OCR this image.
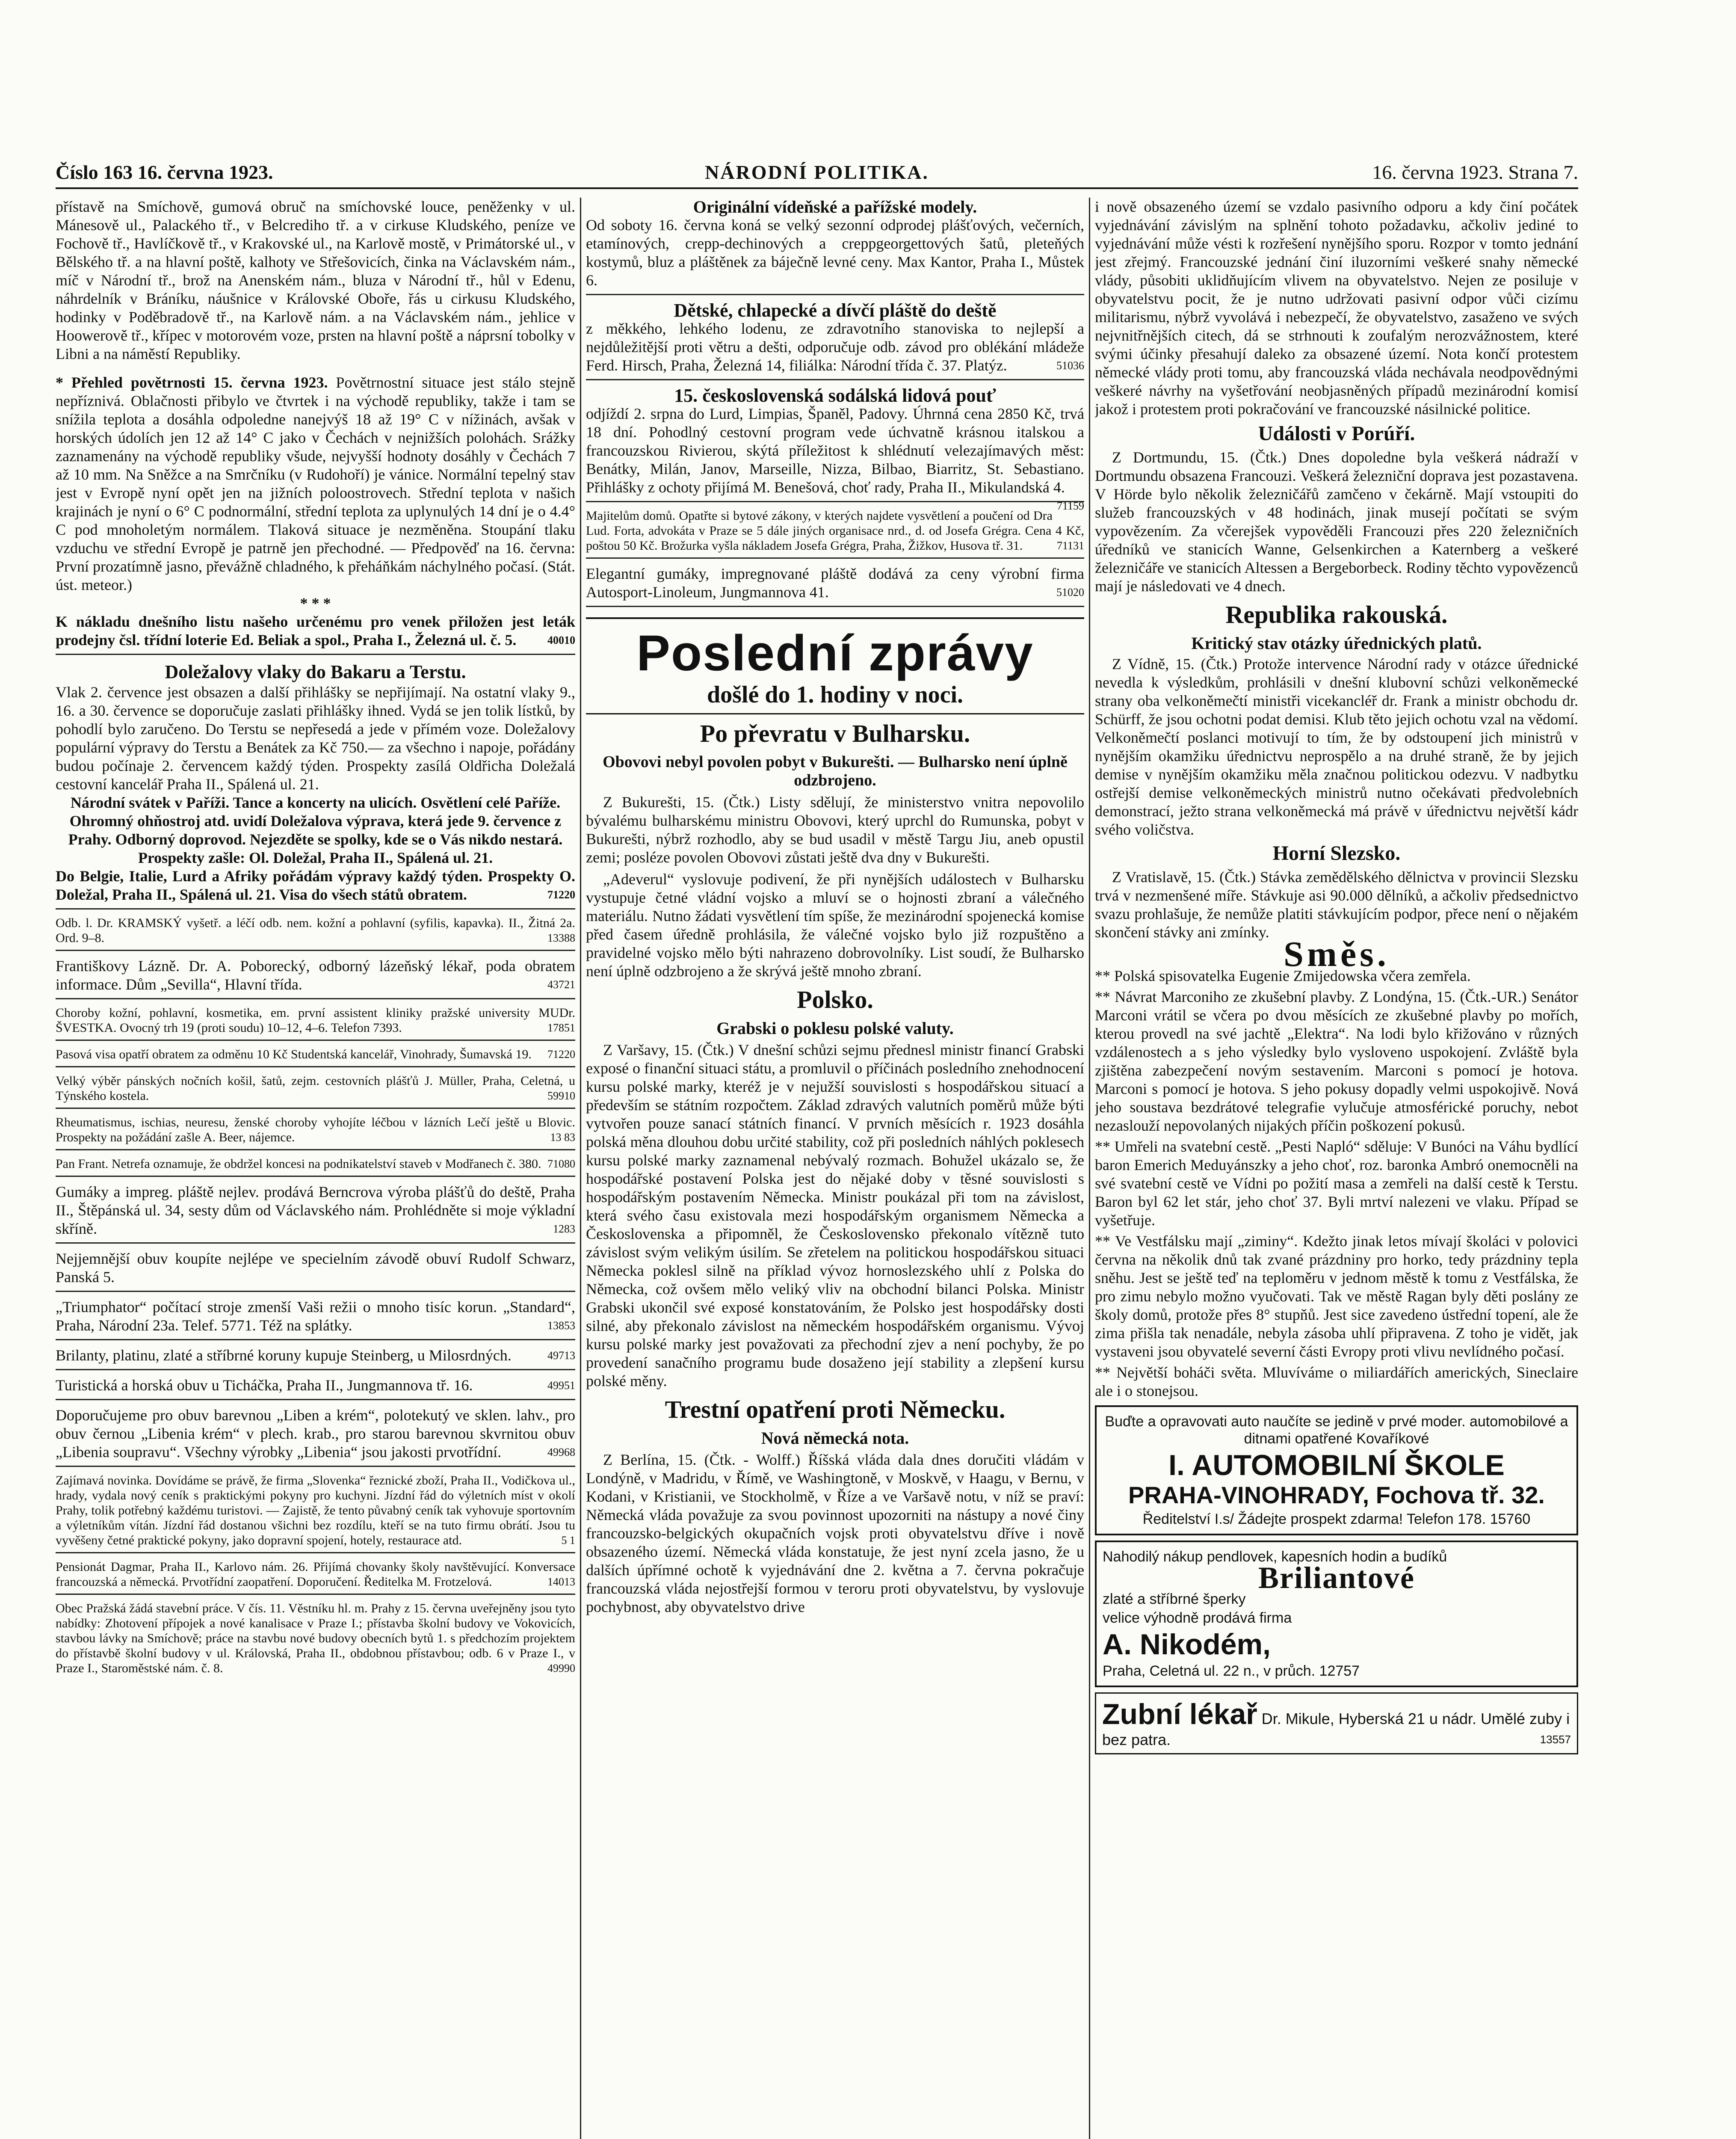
Číslo 163 16. června 1923.	NÁRODNÍ POLITIKA.	16. června 1923. Strana 7.
přístavě na Smíchově, gumová obruč na smíchovské louce, peněženky v ul. Mánesově ul., Palackého tř., v Belcrediho tř. a v cirkuse Kludského, peníze ve Fochově tř., Havlíčkově tř., v Krakovské ul., na Karlově mostě, v Primátorské ul., v Bělského tř. a na hlavní poště, kalhoty ve Střešovicích, činka na Václavském nám., míč v Národní tř., brož na Anenském nám., bluza v Národní tř., hůl v Edenu, náhrdelník v Bráníku, náušnice v Královské Oboře, řás u cirkusu Kludského, hodinky v Poděbradově tř., na Karlově nám. a na Václavském nám., jehlice v Hoowerově tř., křípec v motorovém voze, prsten na hlavní poště a náprsní tobolky v Libni a na náměstí Republiky.
* Přehled povětrnosti 15. června 1923. Povětrnostní situace jest stálo stejně nepříznivá. Oblačnosti přibylo ve čtvrtek i na východě republiky, takže i tam se snížila teplota a dosáhla odpoledne nanejvýš 18 až 19° C v nížinách, avšak v horských údolích jen 12 až 14° C jako v Čechách v nejnižších polohách. Srážky zaznamenány na východě republiky všude, nejvyšší hodnoty dosáhly v Čechách 7 až 10 mm. Na Sněžce a na Smrčníku (v Rudohoří) je vánice. Normální tepelný stav jest v Evropě nyní opět jen na jižních poloostrovech. Střední teplota v našich krajinách je nyní o 6° C podnormální, střední teplota za uplynulých 14 dní je o 4.4° C pod mnoholetým normálem. Tlaková situace je nezměněna. Stoupání tlaku vzduchu ve střední Evropě je patrně jen přechodné. — Předpověď na 16. června: První prozatímně jasno, převážně chladného, k přeháňkám náchylného počasí. (Stát. úst. meteor.)
* * *
K nákladu dnešního listu našeho určenému pro venek přiložen jest leták prodejny čsl. třídní loterie Ed. Beliak a spol., Praha I., Železná ul. č. 5.	40010
Doležalovy vlaky do Bakaru a Terstu.
Vlak 2. července jest obsazen a další přihlášky se nepřijímají. Na ostatní vlaky 9., 16. a 30. července se doporučuje zaslati přihlášky ihned. Vydá se jen tolik lístků, by pohodlí bylo zaručeno. Do Terstu se nepřesedá a jede v přímém voze. Doležalovy populární výpravy do Terstu a Benátek za Kč 750.— za všechno i napoje, pořádány budou počínaje 2. červencem každý týden. Prospekty zasílá Oldřicha Doležalá cestovní kancelář Praha II., Spálená ul. 21.
Národní svátek v Paříži. Tance a koncerty na ulicích. Osvětlení celé Paříže. Ohromný ohňostroj atd. uvidí Doležalova výprava, která jede 9. července z Prahy. Odborný doprovod. Nejezděte se spolky, kde se o Vás nikdo nestará. Prospekty zašle: Ol. Doležal, Praha II., Spálená ul. 21.
Do Belgie, Italie, Lurd a Afriky pořádám výpravy každý týden. Prospekty O. Doležal, Praha II., Spálená ul. 21. Visa do všech států obratem.	71220
Odb. l. Dr. KRAMSKÝ vyšetř. a léčí odb. nem. kožní a pohlavní (syfilis, kapavka). II., Žitná 2a. Ord. 9–8.	13388
Františkovy Lázně. Dr. A. Poborecký, odborný lázeňský lékař, poda obratem informace. Dům „Sevilla“, Hlavní třída.	43721
Choroby kožní, pohlavní, kosmetika, em. první assistent kliniky pražské university MUDr. ŠVESTKA. Ovocný trh 19 (proti soudu) 10–12, 4–6. Telefon 7393.	17851
Pasová visa opatří obratem za odměnu 10 Kč Studentská kancelář, Vinohrady, Šumavská 19.	71220
Velký výběr pánských nočních košil, šatů, zejm. cestovních plášťů J. Müller, Praha, Celetná, u Týnského kostela.	59910
Rheumatismus, ischias, neuresu, ženské choroby vyhojíte léčbou v lázních Lečí ještě u Blovic. Prospekty na požádání zašle A. Beer, nájemce.	13 83
Pan Frant. Netrefa oznamuje, že obdržel koncesi na podnikatelství staveb v Modřanech č. 380. 71080
Gumáky a impreg. pláště nejlev. prodává Berncrova výroba plášťů do deště, Praha II., Štěpánská ul. 34, sesty dům od Václavského nám. Prohlédněte si moje výkladní skříně.	1283
Nejjemnější obuv koupíte nejlépe ve specielním závodě obuví Rudolf Schwarz, Panská 5.
„Triumphator“ počítací stroje zmenší Vaši režii o mnoho tisíc korun. „Standard“, Praha, Národní 23a. Telef. 5771. Též na splátky.	13853
Brilanty, platinu, zlaté a stříbrné koruny kupuje Steinberg, u Milosrdných.	49713
Turistická a horská obuv u Ticháčka, Praha II., Jungmannova tř. 16.	49951
Doporučujeme pro obuv barevnou „Liben a krém“, polotekutý ve sklen. lahv., pro obuv černou „Libenia krém“ v plech. krab., pro starou barevnou skvrnitou obuv „Libenia soupravu“. Všechny výrobky „Libenia“ jsou jakosti prvotřídní.	49968
Zajímavá novinka. Dovídáme se právě, že firma „Slovenka“ řeznické zboží, Praha II., Vodičkova ul., hrady, vydala nový ceník s praktickými pokyny pro kuchyni. Jízdní řád do výletních míst v okolí Prahy, tolik potřebný každému turistovi. — Zajistě, že tento půvabný ceník tak vyhovuje sportovním a výletníkům vítán. Jízdní řád dostanou všichni bez rozdílu, kteří se na tuto firmu obrátí. Jsou tu vyvěšeny četné praktické pokyny, jako dopravní spojení, hotely, restaurace atd.	5 1
Pensionát Dagmar, Praha II., Karlovo nám. 26. Přijímá chovanky školy navštěvující. Konversace francouzská a německá. Prvotřídní zaopatření. Doporučení. Ředitelka M. Frotzelová.	14013
Obec Pražská žádá stavební práce. V čís. 11. Věstníku hl. m. Prahy z 15. června uveřejněny jsou tyto nabídky: Zhotovení přípojek a nové kanalisace v Praze I.; přístavba školní budovy ve Vokovicích, stavbou lávky na Smíchově; práce na stavbu nové budovy obecních bytů 1. s předchozím projektem do přístavbě školní budovy v ul. Královská, Praha II., obdobnou přístavbou; odb. 6 v Praze I., v Praze I., Staroměstské nám. č. 8.	49990
Originální vídeňské a pařížské modely.
Od soboty 16. června koná se velký sezonní odprodej plášťových, večerních, etamínových, crepp-dechinových a creppgeorgettových šatů, pleteňých kostymů, bluz a pláštěnek za báječně levné ceny. Max Kantor, Praha I., Můstek 6.
Dětské, chlapecké a dívčí pláště do deště
z měkkého, lehkého lodenu, ze zdravotního stanoviska to nejlepší a nejdůležitější proti větru a dešti, odporučuje odb. závod pro oblékání mládeže Ferd. Hirsch, Praha, Železná 14, filiálka: Národní třída č. 37. Platýz.	51036
15. československá sodálská lidová pouť
odjíždí 2. srpna do Lurd, Limpias, Španěl, Padovy. Úhrnná cena 2850 Kč, trvá 18 dní. Pohodlný cestovní program vede úchvatně krásnou italskou a francouzskou Rivierou, skýtá příležitost k shlédnutí velezajímavých měst: Benátky, Milán, Janov, Marseille, Nizza, Bilbao, Biarritz, St. Sebastiano. Přihlášky z ochoty přijímá M. Benešová, choť rady, Praha II., Mikulandská 4.
71159
Majitelům domů. Opatřte si bytové zákony, v kterých najdete vysvětlení a poučení od Dra Lud. Forta, advokáta v Praze se 5 dále jiných organisace nrd., d. od Josefa Grégra. Cena 4 Kč, poštou 50 Kč. Brožurka vyšla nákladem Josefa Grégra, Praha, Žižkov, Husova tř. 31.	71131
Elegantní gumáky, impregnované pláště dodává za ceny výrobní firma Autosport-Linoleum, Jungmannova 41.	51020
Poslední zprávy
došlé do 1. hodiny v noci.
Po převratu v Bulharsku.
Obovovi nebyl povolen pobyt v Bukurešti. — Bulharsko není úplně odzbrojeno.

Z Bukurešti, 15. (Čtk.) Listy sdělují, že ministerstvo vnitra nepovolilo bývalému bulharskému ministru Obovovi, který uprchl do Rumunska, pobyt v Bukurešti, nýbrž rozhodlo, aby se bud usadil v městě Targu Jiu, aneb opustil zemi; posléze povolen Obovovi zůstati ještě dva dny v Bukurešti.

„Adeverul“ vyslovuje podivení, že při nynějších událostech v Bulharsku vystupuje četné vládní vojsko a mluví se o hojnosti zbraní a válečného materiálu. Nutno žádati vysvětlení tím spíše, že mezinárodní spojenecká komise před časem úředně prohlásila, že válečné vojsko bylo již rozpuštěno a pravidelné vojsko mělo býti nahrazeno dobrovolníky. List soudí, že Bulharsko není úplně odzbrojeno a že skrývá ještě mnoho zbraní.

Polsko.
Grabski o poklesu polské valuty.

Z Varšavy, 15. (Čtk.) V dnešní schůzi sejmu přednesl ministr financí Grabski exposé o finanční situaci státu, a promluvil o příčinách posledního znehodnocení kursu polské marky, kteréž je v nejužší souvislosti s hospodářskou situací a především se státním rozpočtem. Základ zdravých valutních poměrů může býti vytvořen pouze sanací státních financí. V prvních měsících r. 1923 dosáhla polská měna dlouhou dobu určité stability, což při posledních náhlých poklesech kursu polské marky zaznamenal nebývalý rozmach. Bohužel ukázalo se, že hospodářské postavení Polska jest do nějaké doby v těsné souvislosti s hospodářským postavením Německa. Ministr poukázal při tom na závislost, která svého času existovala mezi hospodářským organismem Německa a Československa a připomněl, že Československo překonalo vítězně tuto závislost svým velikým úsilím. Se zřetelem na politickou hospodářskou situaci Německa poklesl silně na příklad vývoz hornoslezského uhlí z Polska do Německa, což ovšem mělo veliký vliv na obchodní bilanci Polska. Ministr Grabski ukončil své exposé konstatováním, že Polsko jest hospodářsky dosti silné, aby překonalo závislost na německém hospodářském organismu. Vývoj kursu polské marky jest považovati za přechodní zjev a není pochyby, že po provedení sanačního programu bude dosaženo její stability a zlepšení kursu polské měny.

Trestní opatření proti Německu.
Nová německá nota.

Z Berlína, 15. (Čtk. - Wolff.) Říšská vláda dala dnes doručiti vládám v Londýně, v Madridu, v Římě, ve Washingtoně, v Moskvě, v Haagu, v Bernu, v Kodani, v Kristianii, ve Stockholmě, v Říze a ve Varšavě notu, v níž se praví: Německá vláda považuje za svou povinnost upozorniti na nástupy a nové činy francouzsko-belgických okupačních vojsk proti obyvatelstvu dříve i nově obsazeného území. Německá vláda konstatuje, že jest nyní zcela jasno, že u dalších úpřímné ochotě k vyjednávání dne 2. května a 7. června pokračuje francouzská vláda nejostřejší formou v teroru proti obyvatelstvu, by vyslovuje pochybnost, aby obyvatelstvo drive

i nově obsazeného území se vzdalo pasivního odporu a kdy činí počátek vyjednávání závislým na splnění tohoto požadavku, ačkoliv jediné to vyjednávání může vésti k rozřešení nynějšího sporu. Rozpor v tomto jednání jest zřejmý. Francouzské jednání činí iluzorními veškeré snahy německé vlády, působiti uklidňujícím vlivem na obyvatelstvo. Nejen ze posiluje v obyvatelstvu pocit, že je nutno udržovati pasivní odpor vůči cizímu militarismu, nýbrž vyvolává i nebezpečí, že obyvatelstvo, zasaženo ve svých nejvnitřnějších citech, dá se strhnouti k zoufalým nerozvážnostem, které svými účinky přesahují daleko za obsazené území. Nota končí protestem německé vlády proti tomu, aby francouzská vláda nechávala neodpovědnými veškeré návrhy na vyšetřování neobjasněných případů mezinárodní komisí jakož i protestem proti pokračování ve francouzské násilnické politice.

Události v Porúří.

Z Dortmundu, 15. (Čtk.) Dnes dopoledne byla veškerá nádraží v Dortmundu obsazena Francouzi. Veškerá železniční doprava jest pozastavena. V Hörde bylo několik železničářů zamčeno v čekárně. Mají vstoupiti do služeb francouzských v 48 hodinách, jinak musejí počítati se svým vypovězením. Za včerejšek vypověděli Francouzi přes 220 železničních úředníků ve stanicích Wanne, Gelsenkirchen a Katernberg a veškeré železničáře ve stanicích Altessen a Bergeborbeck. Rodiny těchto vypovězenců mají je následovati ve 4 dnech.

Republika rakouská.
Kritický stav otázky úřednických platů.

Z Vídně, 15. (Čtk.) Protože intervence Národní rady v otázce úřednické nevedla k výsledkům, prohlásili v dnešní klubovní schůzi velkoněmecké strany oba velkoněmečtí ministři vicekancléř dr. Frank a ministr obchodu dr. Schürff, že jsou ochotni podat demisi. Klub těto jejich ochotu vzal na vědomí. Velkoněmečtí poslanci motivují to tím, že by odstoupení jich ministrů v nynějším okamžiku úřednictvu neprospělo a na druhé straně, že by jejich demise v nynějším okamžiku měla značnou politickou odezvu. V nadbytku ostřejší demise velkoněmeckých ministrů nutno očekávati předvolebních demonstrací, ježto strana velkoněmecká má právě v úřednictvu největší kádr svého voličstva.

Horní Slezsko.

Z Vratislavě, 15. (Čtk.) Stávka zemědělského dělnictva v provincii Slezsku trvá v nezmenšené míře. Stávkuje asi 90.000 dělníků, a ačkoliv předsednictvo svazu prohlašuje, že nemůže platiti stávkujícím podpor, přece není o nějakém skončení stávky ani zmínky.

Směs.

** Polská spisovatelka Eugenie Zmijedowska včera zemřela.

** Návrat Marconiho ze zkušební plavby. Z Londýna, 15. (Čtk.-UR.) Senátor Marconi vrátil se včera po dvou měsících ze zkušebné plavby po mořích, kterou provedl na své jachtě „Elektra“. Na lodi bylo křižováno v různých vzdálenostech a s jeho výsledky bylo vysloveno uspokojení. Zvláště byla zjištěna zabezpečení novým sestavením. Marconi s pomocí je hotova. Marconi s pomocí je hotova. S jeho pokusy dopadly velmi uspokojivě. Nová jeho soustava bezdrátové telegrafie vylučuje atmosférické poruchy, nebot nezaslouží nepovolaných nijakých příčin poškození pokusů.

** Umřeli na svatební cestě. „Pesti Napló“ sděluje: V Bunóci na Váhu bydlící baron Emerich Meduyánszky a jeho choť, roz. baronka Ambró onemocněli na své svatební cestě ve Vídni po požití masa a zemřeli na další cestě k Terstu. Baron byl 62 let stár, jeho choť 37. Byli mrtví nalezeni ve vlaku. Případ se vyšetřuje.

** Ve Vestfálsku mají „ziminy“. Kdežto jinak letos mívají školáci v polovici června na několik dnů tak zvané prázdniny pro horko, tedy prázdniny tepla sněhu. Jest se ještě teď na teploměru v jednom městě k tomu z Vestfálska, že pro zimu nebylo možno vyučovati. Tak ve městě Ragan byly děti poslány ze školy domů, protože přes 8° stupňů. Jest sice zavedeno ústřední topení, ale že zima přišla tak nenadále, nebyla zásoba uhlí připravena. Z toho je vidět, jak vystaveni jsou obyvatelé severní části Evropy proti vlivu nevlídného počasí.

** Největší boháči světa. Mluvíváme o miliardářích amerických, Sineclaire ale i o stonejsou.

Buďte a opravovati auto naučíte se jedině v prvé moder. automobilové a ditnami opatřené Kovaříkové

I. AUTOMOBILNÍ ŠKOLE
PRAHA-VINOHRADY, Fochova tř. 32.

Ředitelství I.s/ Žádejte prospekt zdarma! Telefon 178. 15760

Nahodilý nákup pendlovek, kapesních hodin a budíků

Briliantové

zlaté a stříbrné šperky

velice výhodně prodává firma

A. Nikodém,

Praha, Celetná ul. 22 n., v průch. 12757

Zubní lékař Dr. Mikule, Hyberská 21 u nádr. Umělé zuby i bez patra.	13557
